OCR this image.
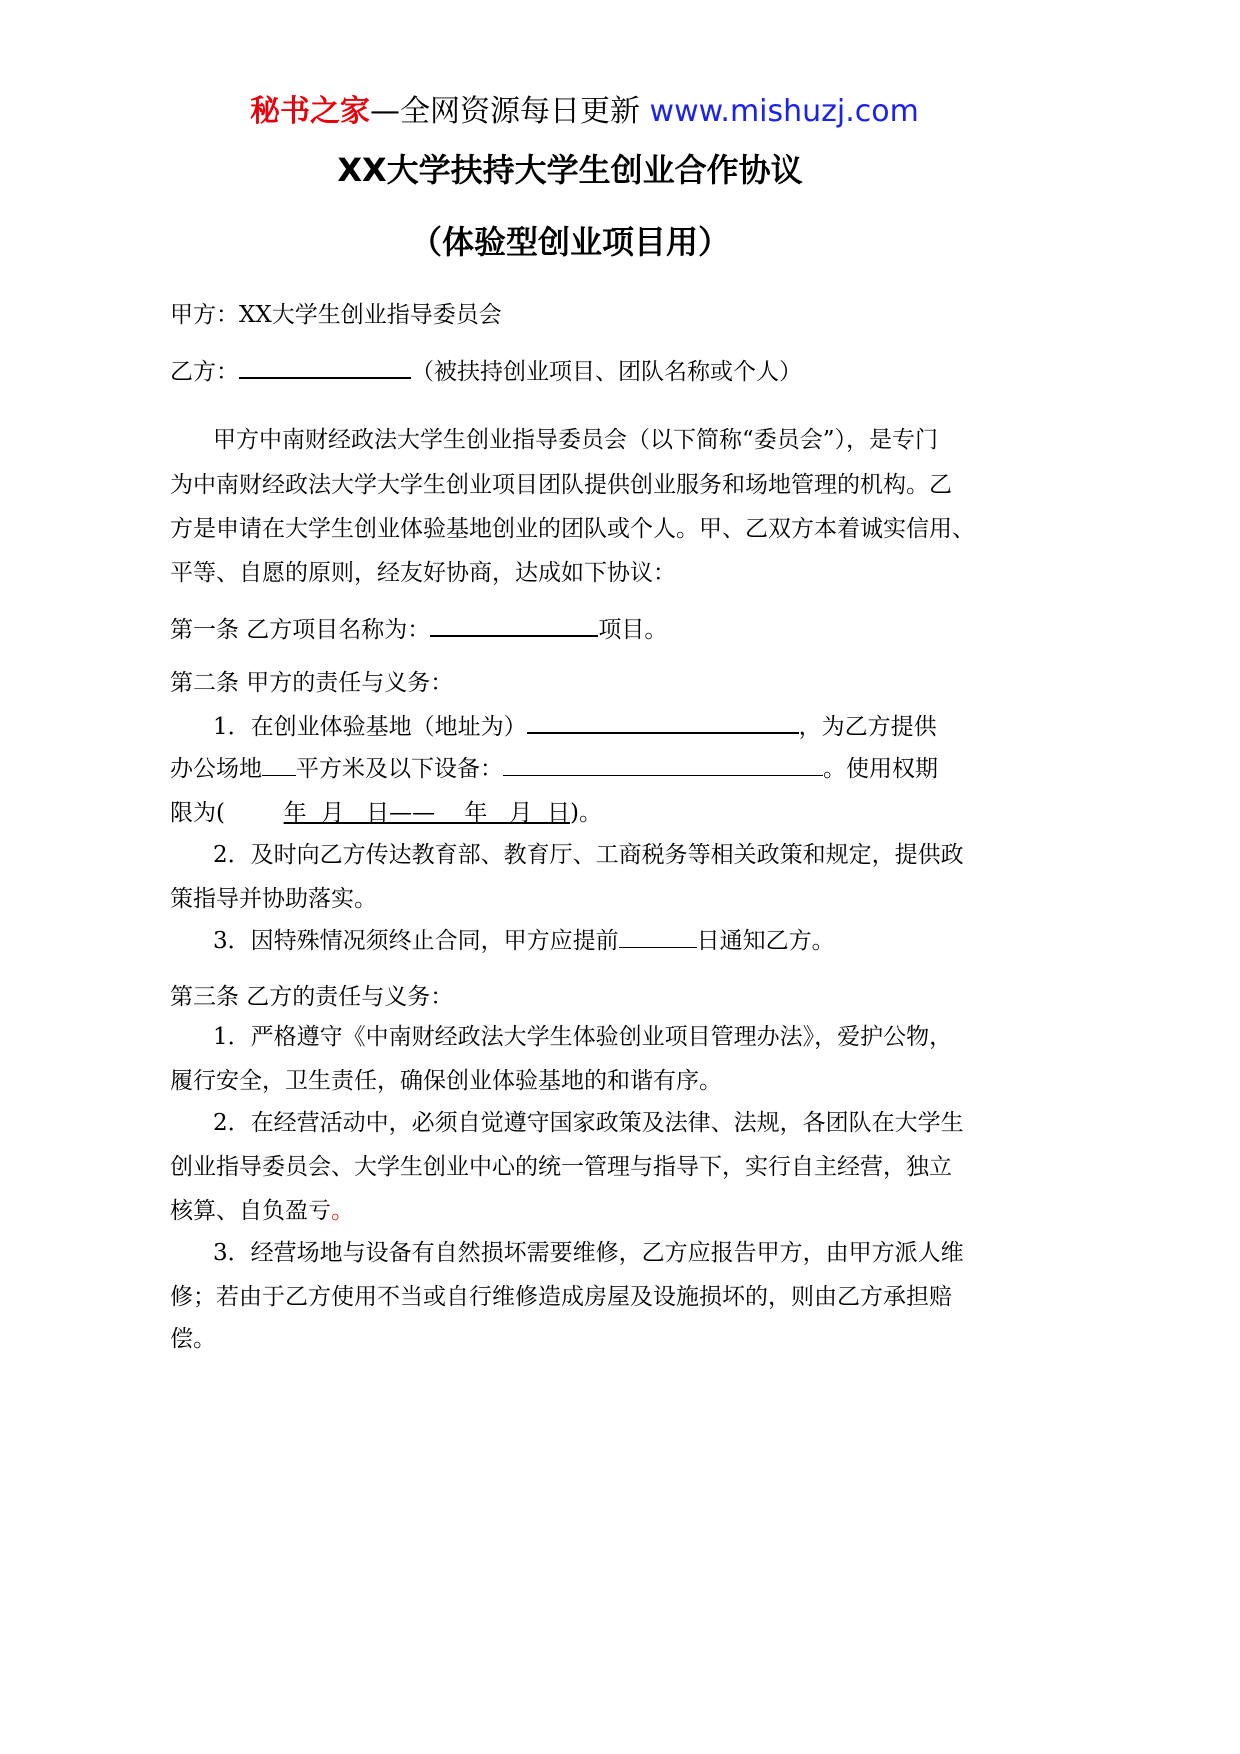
秘书之家—全网资源每日更新 www.mishuzj.com
XX大学扶持大学生创业合作协议
（体验型创业项目用）
甲方：XX大学生创业指导委员会
乙方：	（被扶持创业项目、团队名称或个人）
甲方中南财经政法大学生创业指导委员会（以下简称“委员会”），是专门
为中南财经政法大学大学生创业项目团队提供创业服务和场地管理的机构。乙
方是申请在大学生创业体验基地创业的团队或个人。甲、乙双方本着诚实信用、
平等、自愿的原则，经友好协商，达成如下协议：
第一条 乙方项目名称为：	项目。
第二条 甲方的责任与义务：
1．在创业体验基地（地址为）	，为乙方提供
办公场地 平方米及以下设备：	。使用权期
限为(	年  月   日——    年   月  日)。
2．及时向乙方传达教育部、教育厅、工商税务等相关政策和规定，提供政
策指导并协助落实。
3．因特殊情况须终止合同，甲方应提前	日通知乙方。
第三条 乙方的责任与义务：
1．严格遵守《中南财经政法大学生体验创业项目管理办法》，爱护公物，
履行安全，卫生责任，确保创业体验基地的和谐有序。
2．在经营活动中，必须自觉遵守国家政策及法律、法规，各团队在大学生
创业指导委员会、大学生创业中心的统一管理与指导下，实行自主经营，独立
核算、自负盈亏。
3．经营场地与设备有自然损坏需要维修，乙方应报告甲方，由甲方派人维
修；若由于乙方使用不当或自行维修造成房屋及设施损坏的，则由乙方承担赔
偿。
